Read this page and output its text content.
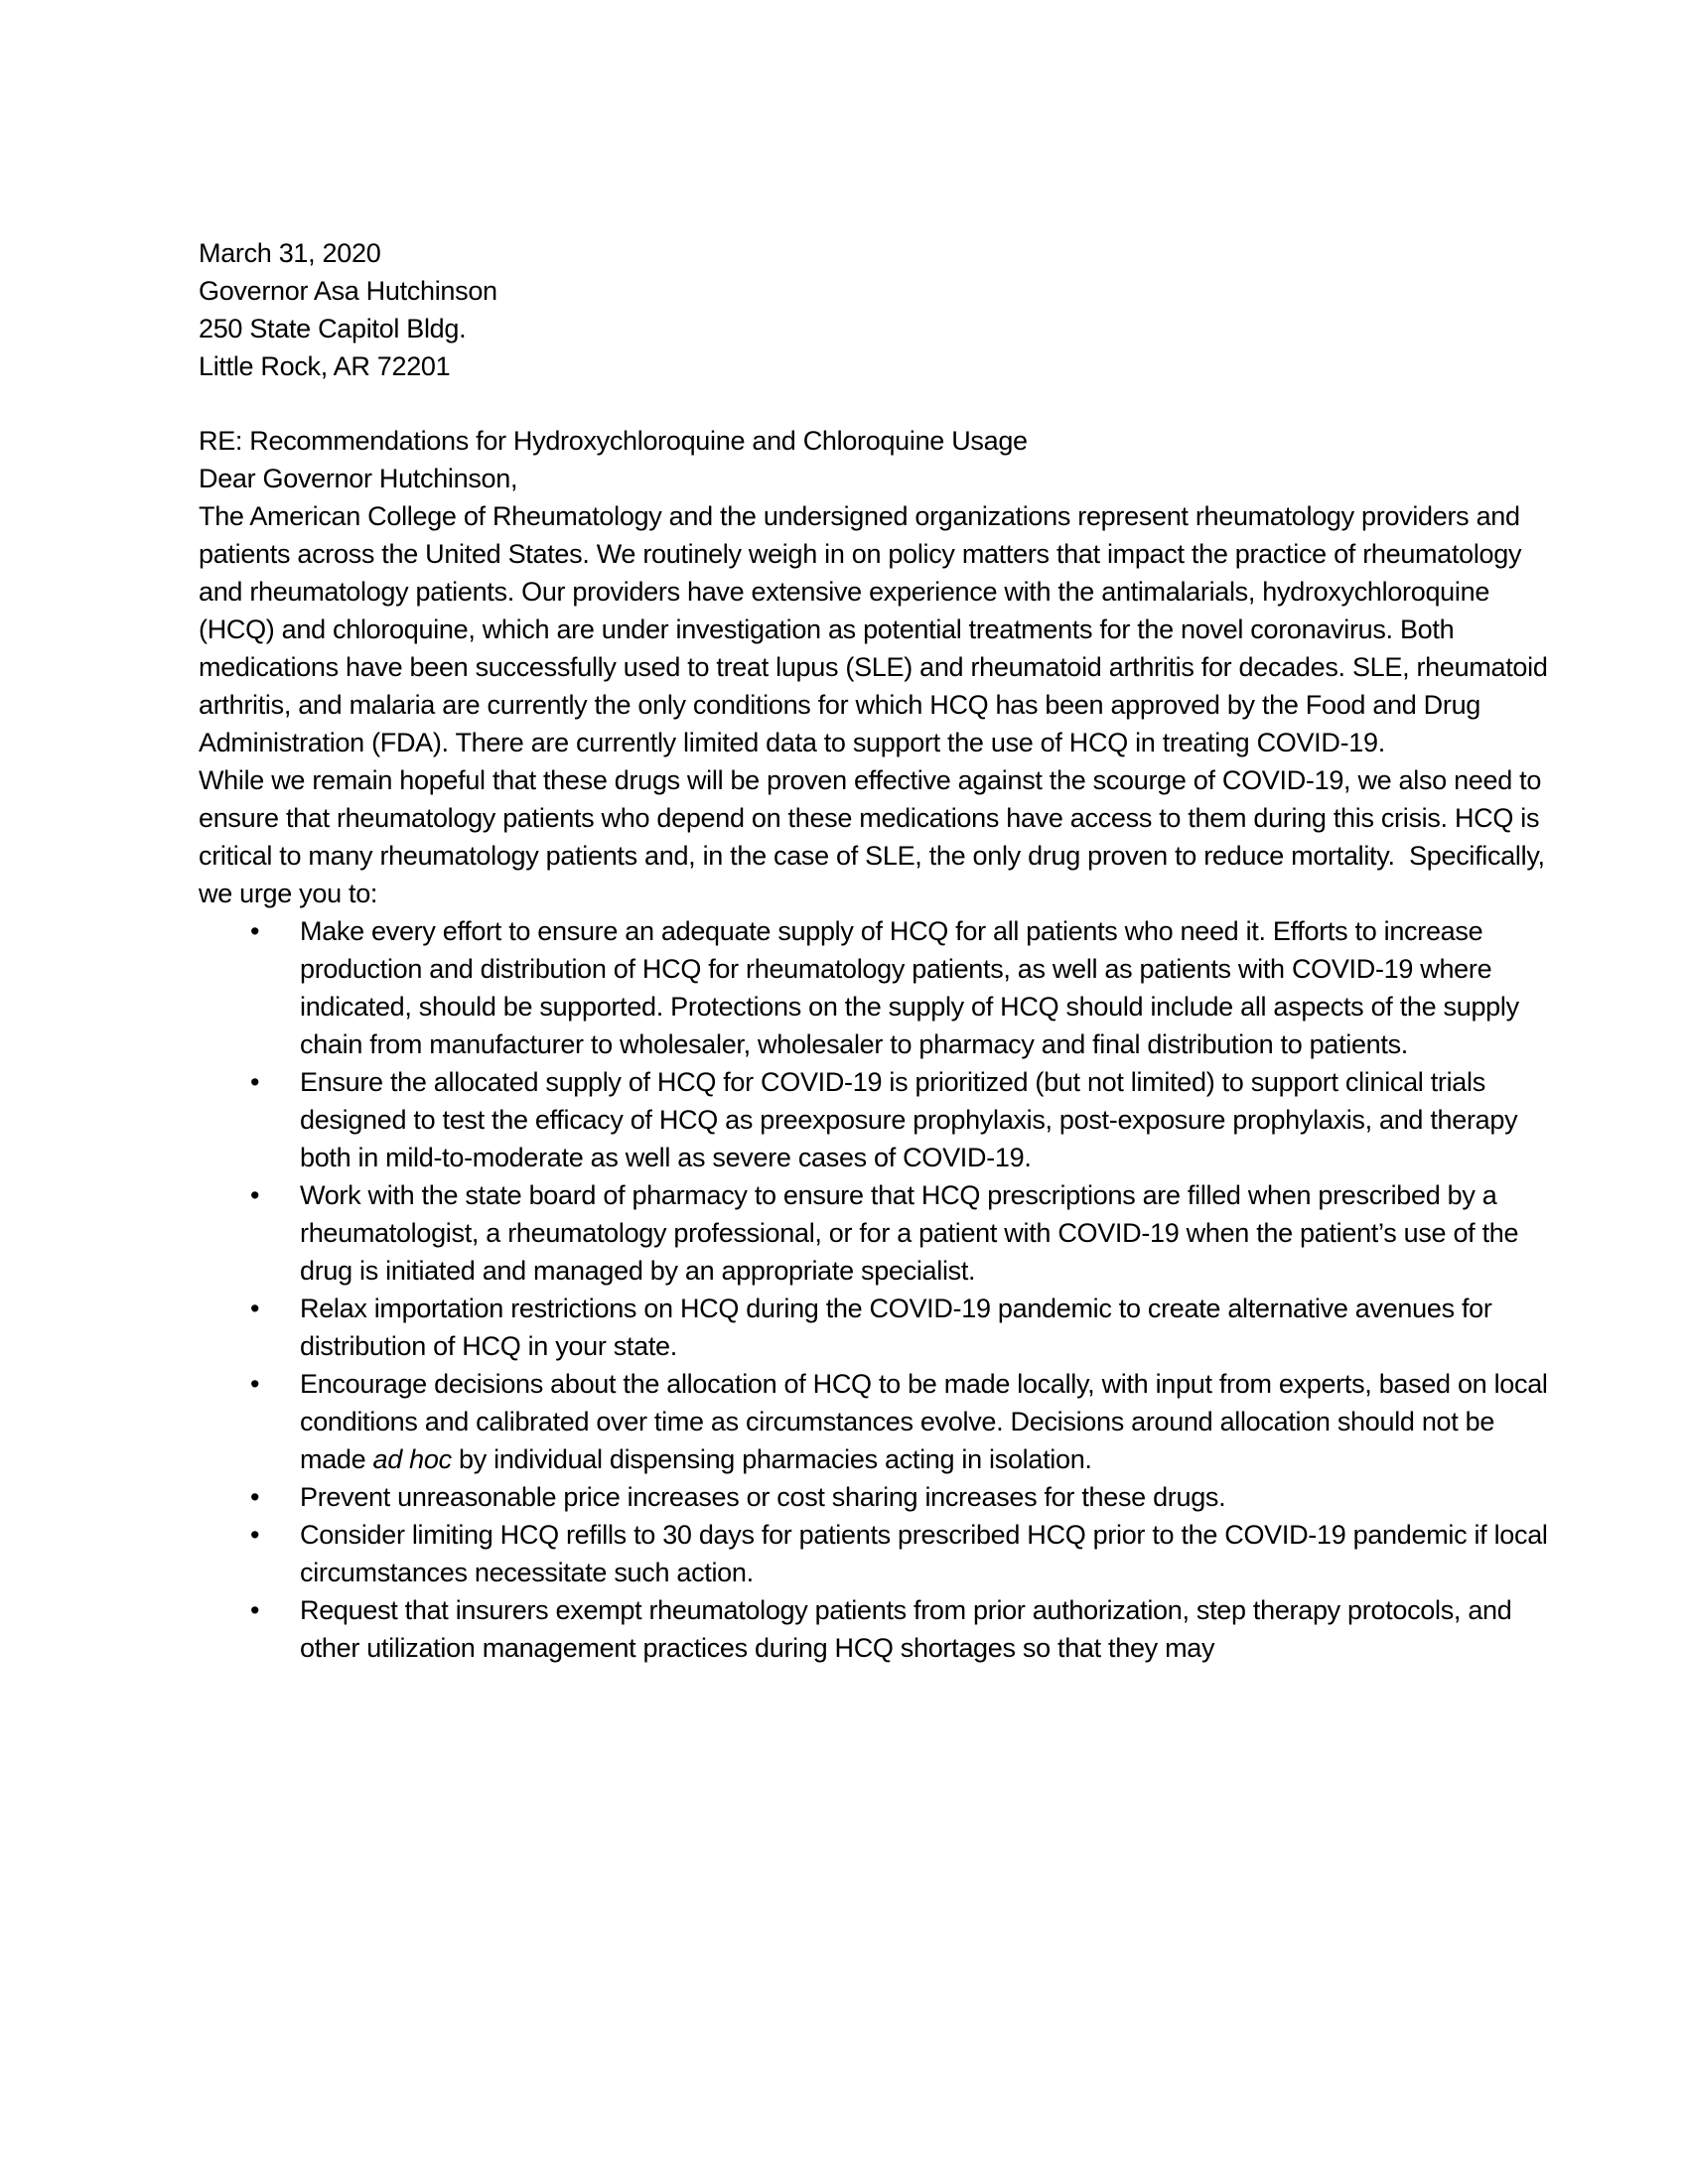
March 31, 2020

Governor Asa Hutchinson

250 State Capitol Bldg.

Little Rock, AR 72201

RE: Recommendations for Hydroxychloroquine and Chloroquine Usage

Dear Governor Hutchinson,

The American College of Rheumatology and the undersigned organizations represent rheumatology providers and patients across the United States. We routinely weigh in on policy matters that impact the practice of rheumatology and rheumatology patients. Our providers have extensive experience with the antimalarials, hydroxychloroquine (HCQ) and chloroquine, which are under investigation as potential treatments for the novel coronavirus. Both medications have been successfully used to treat lupus (SLE) and rheumatoid arthritis for decades. SLE, rheumatoid arthritis, and malaria are currently the only conditions for which HCQ has been approved by the Food and Drug Administration (FDA). There are currently limited data to support the use of HCQ in treating COVID-19.

While we remain hopeful that these drugs will be proven effective against the scourge of COVID-19, we also need to ensure that rheumatology patients who depend on these medications have access to them during this crisis. HCQ is critical to many rheumatology patients and, in the case of SLE, the only drug proven to reduce mortality.  Specifically, we urge you to:

• Make every effort to ensure an adequate supply of HCQ for all patients who need it. Efforts to increase production and distribution of HCQ for rheumatology patients, as well as patients with COVID-19 where indicated, should be supported. Protections on the supply of HCQ should include all aspects of the supply chain from manufacturer to wholesaler, wholesaler to pharmacy and final distribution to patients.
• Ensure the allocated supply of HCQ for COVID-19 is prioritized (but not limited) to support clinical trials designed to test the efficacy of HCQ as preexposure prophylaxis, post-exposure prophylaxis, and therapy both in mild-to-moderate as well as severe cases of COVID-19.
• Work with the state board of pharmacy to ensure that HCQ prescriptions are filled when prescribed by a rheumatologist, a rheumatology professional, or for a patient with COVID-19 when the patient’s use of the drug is initiated and managed by an appropriate specialist.
• Relax importation restrictions on HCQ during the COVID-19 pandemic to create alternative avenues for distribution of HCQ in your state.
• Encourage decisions about the allocation of HCQ to be made locally, with input from experts, based on local conditions and calibrated over time as circumstances evolve. Decisions around allocation should not be made ad hoc by individual dispensing pharmacies acting in isolation.
• Prevent unreasonable price increases or cost sharing increases for these drugs.
• Consider limiting HCQ refills to 30 days for patients prescribed HCQ prior to the COVID-19 pandemic if local circumstances necessitate such action.
• Request that insurers exempt rheumatology patients from prior authorization, step therapy protocols, and other utilization management practices during HCQ shortages so that they may
